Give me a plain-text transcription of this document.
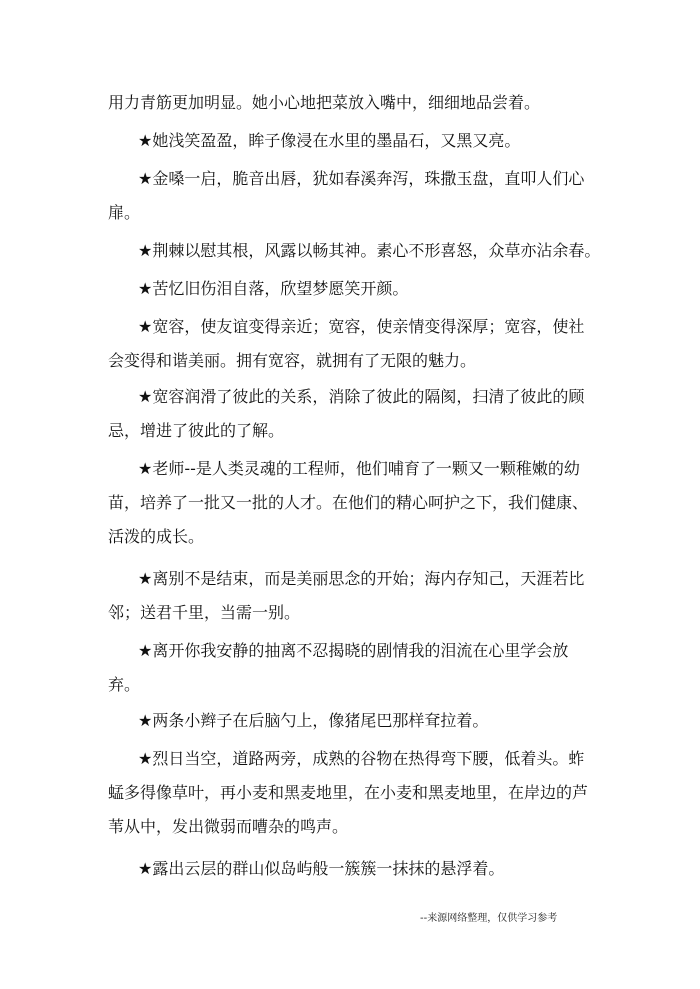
用力青筋更加明显。她小心地把菜放入嘴中，细细地品尝着。
★她浅笑盈盈，眸子像浸在水里的墨晶石，又黑又亮。
★金嗓一启，脆音出唇，犹如春溪奔泻，珠撒玉盘，直叩人们心
扉。
★荆棘以慰其根，风露以畅其神。素心不形喜怒，众草亦沾余春。
★苦忆旧伤泪自落，欣望梦愿笑开颜。
★宽容，使友谊变得亲近；宽容，使亲情变得深厚；宽容，使社
会变得和谐美丽。拥有宽容，就拥有了无限的魅力。
★宽容润滑了彼此的关系，消除了彼此的隔阂，扫清了彼此的顾
忌，增进了彼此的了解。
★老师--是人类灵魂的工程师，他们哺育了一颗又一颗稚嫩的幼
苗，培养了一批又一批的人才。在他们的精心呵护之下，我们健康、
活泼的成长。
★离别不是结束，而是美丽思念的开始；海内存知己，天涯若比
邻；送君千里，当需一别。
★离开你我安静的抽离不忍揭晓的剧情我的泪流在心里学会放
弃。
★两条小辫子在后脑勺上，像猪尾巴那样耷拉着。
★烈日当空，道路两旁，成熟的谷物在热得弯下腰，低着头。蚱
蜢多得像草叶，再小麦和黑麦地里，在小麦和黑麦地里，在岸边的芦
苇从中，发出微弱而嘈杂的鸣声。
★露出云层的群山似岛屿般一簇簇一抹抹的悬浮着。
--来源网络整理，仅供学习参考
